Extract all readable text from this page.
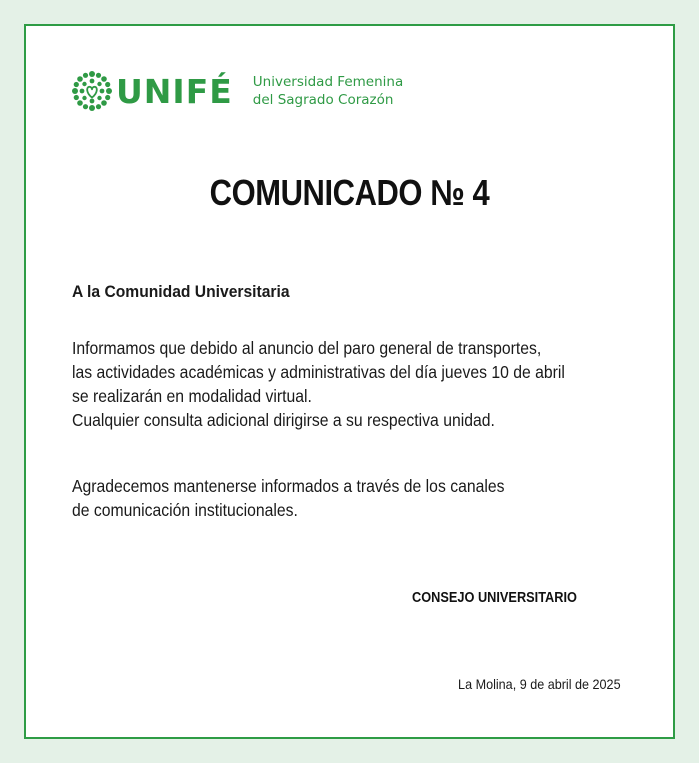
UNIFÉ Universidad Femenina
del Sagrado Corazón
COMUNICADO № 4
A la Comunidad Universitaria
Informamos que debido al anuncio del paro general de transportes,
las actividades académicas y administrativas del día jueves 10 de abril
se realizarán en modalidad virtual.
Cualquier consulta adicional dirigirse a su respectiva unidad.
Agradecemos mantenerse informados a través de los canales
de comunicación institucionales.
CONSEJO UNIVERSITARIO
La Molina, 9 de abril de 2025
